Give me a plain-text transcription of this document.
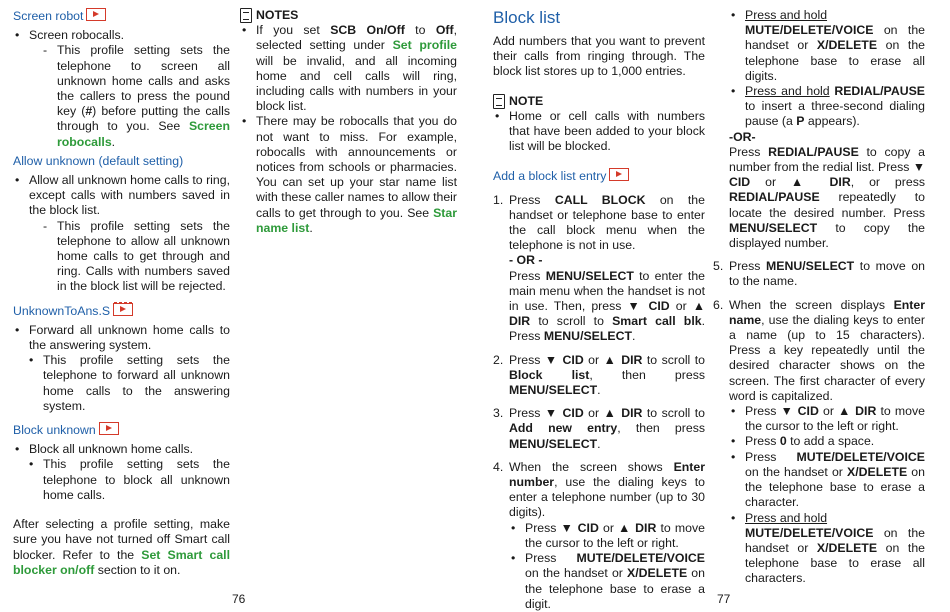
Screen robot

• Screen robocalls.
- This profile setting sets the telephone to screen all unknown home calls and asks the callers to press the pound key (#) before putting the calls through to you. See Screen robocalls.

Allow unknown (default setting)

• Allow all unknown home calls to ring, except calls with numbers saved in the block list.
- This profile setting sets the telephone to allow all unknown home calls to get through and ring. Calls with numbers saved in the block list will be rejected.

UnknownToAns.S

• Forward all unknown home calls to the answering system.
• This profile setting sets the telephone to forward all unknown home calls to the answering system.

Block unknown

• Block all unknown home calls.
• This profile setting sets the telephone to block all unknown home calls.

After selecting a profile setting, make sure you have not turned off Smart call blocker. Refer to the Set Smart call blocker on/off section to it on.

NOTES

• If you set SCB On/Off to Off, selected setting under Set profile will be invalid, and all incoming home and cell calls will ring, including calls with numbers in your block list.
• There may be robocalls that you do not want to miss. For example, robocalls with announcements or notices from schools or pharmacies. You can set up your star name list with these caller names to allow their calls to get through to you. See Star name list.
76
Block list

Add numbers that you want to prevent their calls from ringing through. The block list stores up to 1,000 entries.

NOTE

• Home or cell calls with numbers that have been added to your block list will be blocked.

Add a block list entry

1. Press CALL BLOCK on the handset or telephone base to enter the call block menu when the telephone is not in use.
- OR -
Press MENU/SELECT to enter the main menu when the handset is not in use. Then, press ▼ CID or ▲ DIR to scroll to Smart call blk. Press MENU/SELECT.
2. Press ▼ CID or ▲ DIR to scroll to Block list, then press MENU/SELECT.
3. Press ▼ CID or ▲ DIR to scroll to Add new entry, then press MENU/SELECT.
4. When the screen shows Enter number, use the dialing keys to enter a telephone number (up to 30 digits).
• Press ▼ CID or ▲ DIR to move the cursor to the left or right.
• Press MUTE/DELETE/VOICE on the handset or X/DELETE on the telephone base to erase a digit.
• Press and hold
MUTE/DELETE/VOICE on the handset or X/DELETE on the telephone base to erase all digits.
• Press and hold REDIAL/PAUSE to insert a three-second dialing pause (a P appears).
-OR-
Press REDIAL/PAUSE to copy a number from the redial list. Press ▼ CID or ▲ DIR, or press REDIAL/PAUSE repeatedly to locate the desired number. Press MENU/SELECT to copy the displayed number.
5. Press MENU/SELECT to move on to the name.
6. When the screen displays Enter name, use the dialing keys to enter a name (up to 15 characters). Press a key repeatedly until the desired character shows on the screen. The first character of every word is capitalized.
• Press ▼ CID or ▲ DIR to move the cursor to the left or right.
• Press 0 to add a space.
• Press MUTE/DELETE/VOICE on the handset or X/DELETE on the telephone base to erase a character.
• Press and hold
MUTE/DELETE/VOICE on the handset or X/DELETE on the telephone base to erase all characters.
77
